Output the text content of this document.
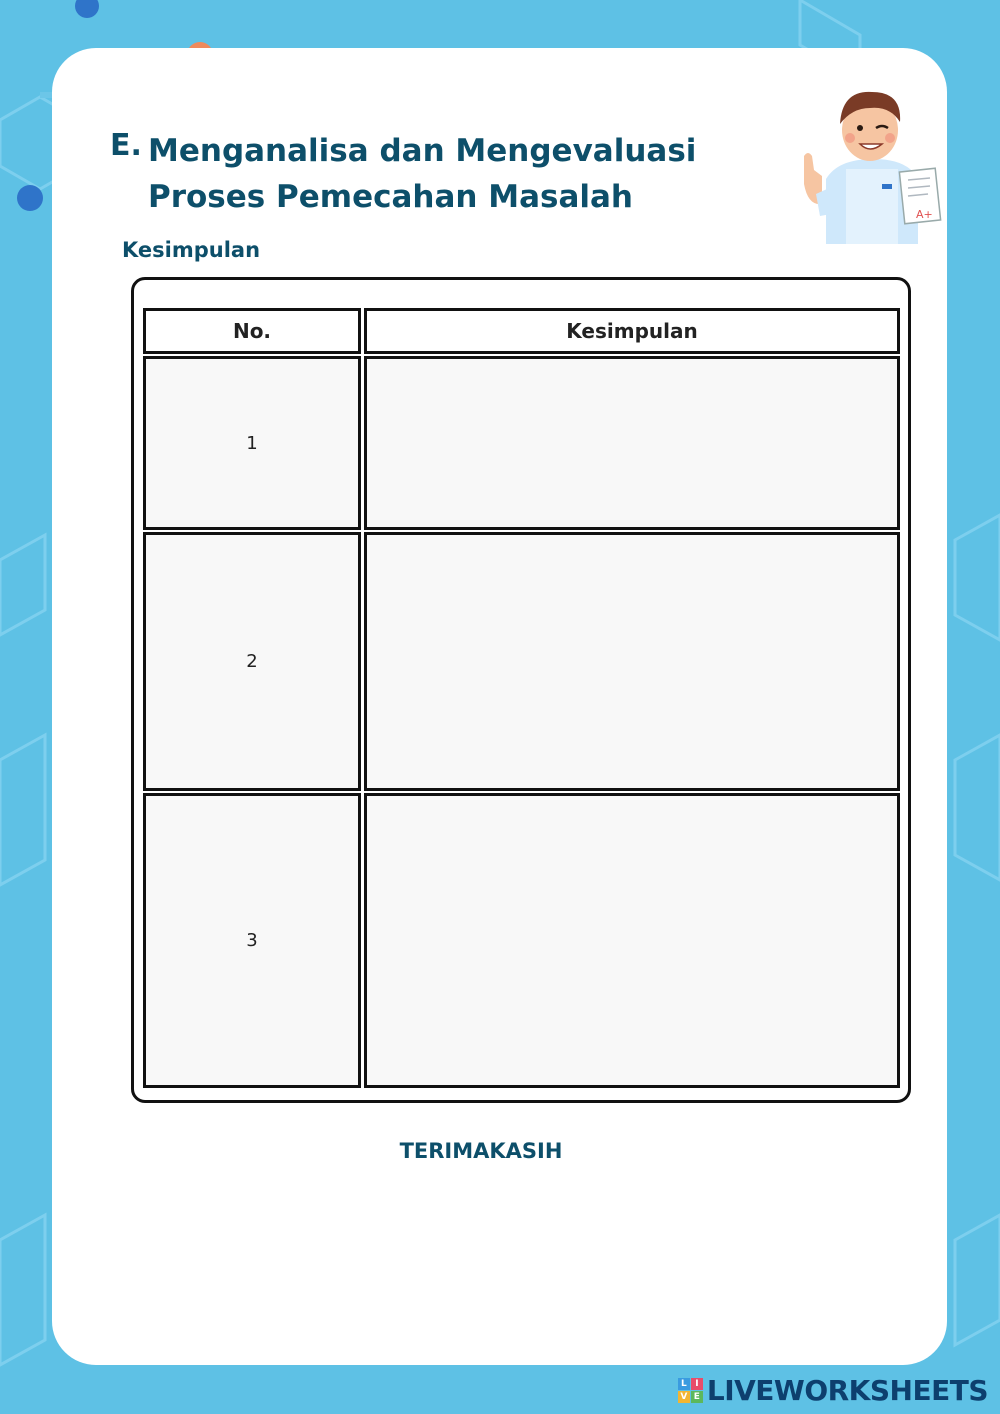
E. Menganalisa dan Mengevaluasi Proses Pemecahan Masalah
Kesimpulan
A+
No.	Kesimpulan
1
2
3
TERIMAKASIH
L I
V E LIVEWORKSHEETS
